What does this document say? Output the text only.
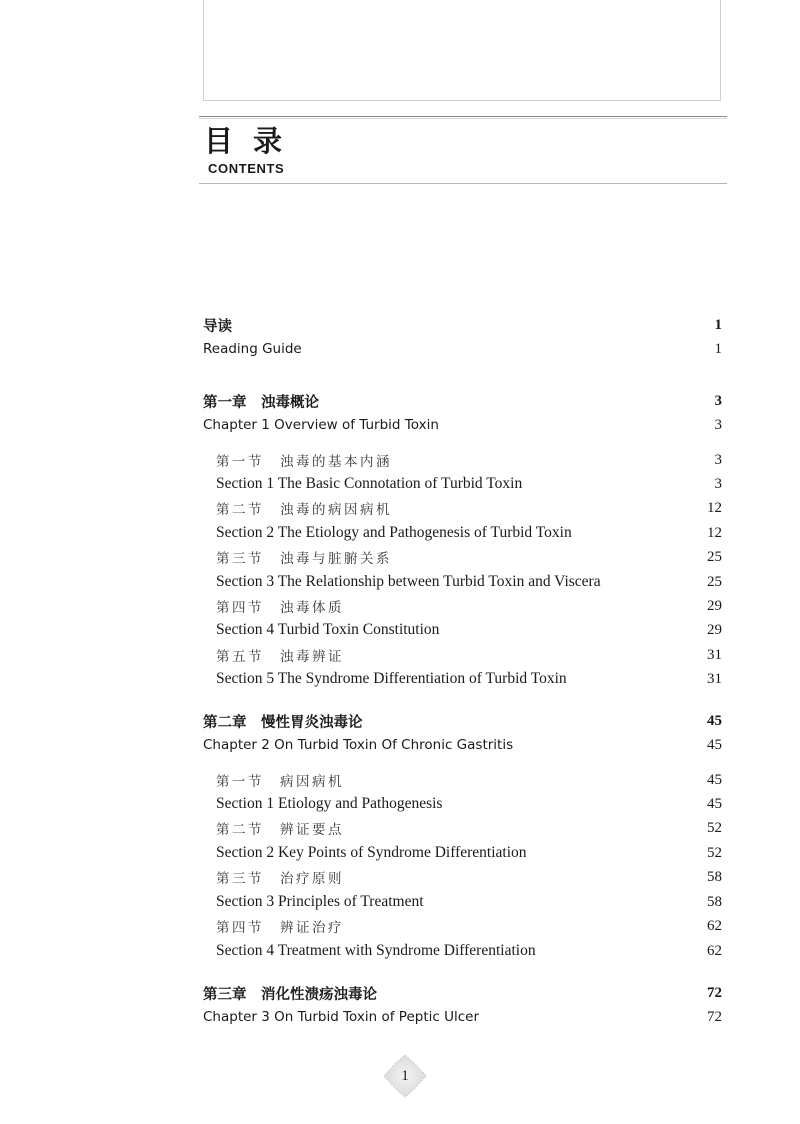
目录
CONTENTS
导读	1
Reading Guide	1
第一章　浊毒概论	3
Chapter 1 Overview of Turbid Toxin	3
第一节　浊毒的基本内涵	3
Section 1 The Basic Connotation of Turbid Toxin	3
第二节　浊毒的病因病机	12
Section 2 The Etiology and Pathogenesis of Turbid Toxin	12
第三节　浊毒与脏腑关系	25
Section 3 The Relationship between Turbid Toxin and Viscera	25
第四节　浊毒体质	29
Section 4 Turbid Toxin Constitution	29
第五节　浊毒辨证	31
Section 5 The Syndrome Differentiation of Turbid Toxin	31
第二章　慢性胃炎浊毒论	45
Chapter 2 On Turbid Toxin Of Chronic Gastritis	45
第一节　病因病机	45
Section 1 Etiology and Pathogenesis	45
第二节　辨证要点	52
Section 2 Key Points of Syndrome Differentiation	52
第三节　治疗原则	58
Section 3 Principles of Treatment	58
第四节　辨证治疗	62
Section 4 Treatment with Syndrome Differentiation	62
第三章　消化性溃疡浊毒论	72
Chapter 3 On Turbid Toxin of Peptic Ulcer	72
1
